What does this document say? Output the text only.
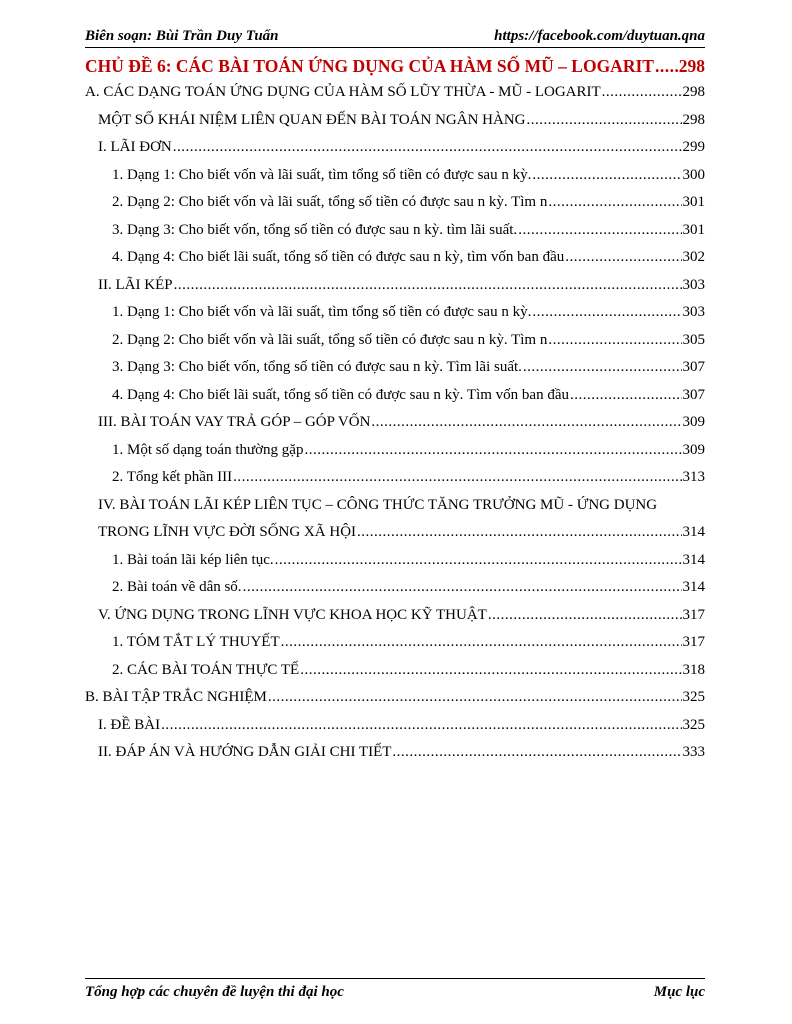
Biên soạn: Bùi Trần Duy Tuấn	https://facebook.com/duytuan.qna
CHỦ ĐỀ 6: CÁC BÀI TOÁN ỨNG DỤNG CỦA HÀM SỐ MŨ – LOGARIT ..... 298
A. CÁC DẠNG TOÁN ỨNG DỤNG CỦA HÀM SỐ LŨY THỪA - MŨ - LOGARIT .....	298
MỘT SỐ KHÁI NIỆM LIÊN QUAN ĐẾN BÀI TOÁN NGÂN HÀNG .....	298
I. LÃI ĐƠN .....	299
1. Dạng 1: Cho biết vốn và lãi suất, tìm tổng số tiền có được sau n kỳ. .....	300
2. Dạng 2: Cho biết vốn và lãi suất, tổng số tiền có được sau n kỳ. Tìm n .....	301
3. Dạng 3: Cho biết vốn, tổng số tiền có được sau n kỳ. tìm lãi suất. .....	301
4. Dạng 4: Cho biết lãi suất, tổng số tiền có được sau n kỳ, tìm vốn ban đầu .....	302
II. LÃI KÉP .....	303
1. Dạng 1: Cho biết vốn và lãi suất, tìm tổng số tiền có được sau n kỳ. .....	303
2. Dạng 2: Cho biết vốn và lãi suất, tổng số tiền có được sau n kỳ. Tìm n .....	305
3. Dạng 3: Cho biết vốn, tổng số tiền có được sau n kỳ. Tìm lãi suất. .....	307
4. Dạng 4: Cho biết lãi suất, tổng số tiền có được sau n kỳ. Tìm vốn ban đầu .....	307
III. BÀI TOÁN VAY TRẢ GÓP – GÓP VỐN .....	309
1. Một số dạng toán thường gặp .....	309
2. Tổng kết phần III .....	313
IV. BÀI TOÁN LÃI KÉP LIÊN TỤC – CÔNG THỨC TĂNG TRƯỞNG MŨ - ỨNG DỤNG
TRONG LĨNH VỰC ĐỜI SỐNG XÃ HỘI .....	314
1. Bài toán lãi kép liên tục. .....	314
2. Bài toán về dân số. .....	314
V. ỨNG DỤNG TRONG LĨNH VỰC KHOA HỌC KỸ THUẬT .....	317
1. TÓM TẮT LÝ THUYẾT .....	317
2. CÁC BÀI TOÁN THỰC TẾ .....	318
B. BÀI TẬP TRẮC NGHIỆM .....	325
I. ĐỀ BÀI .....	325
II. ĐÁP ÁN VÀ HƯỚNG DẪN GIẢI CHI TIẾT .....	333
Tổng hợp các chuyên đề luyện thi đại học	Mục lục
